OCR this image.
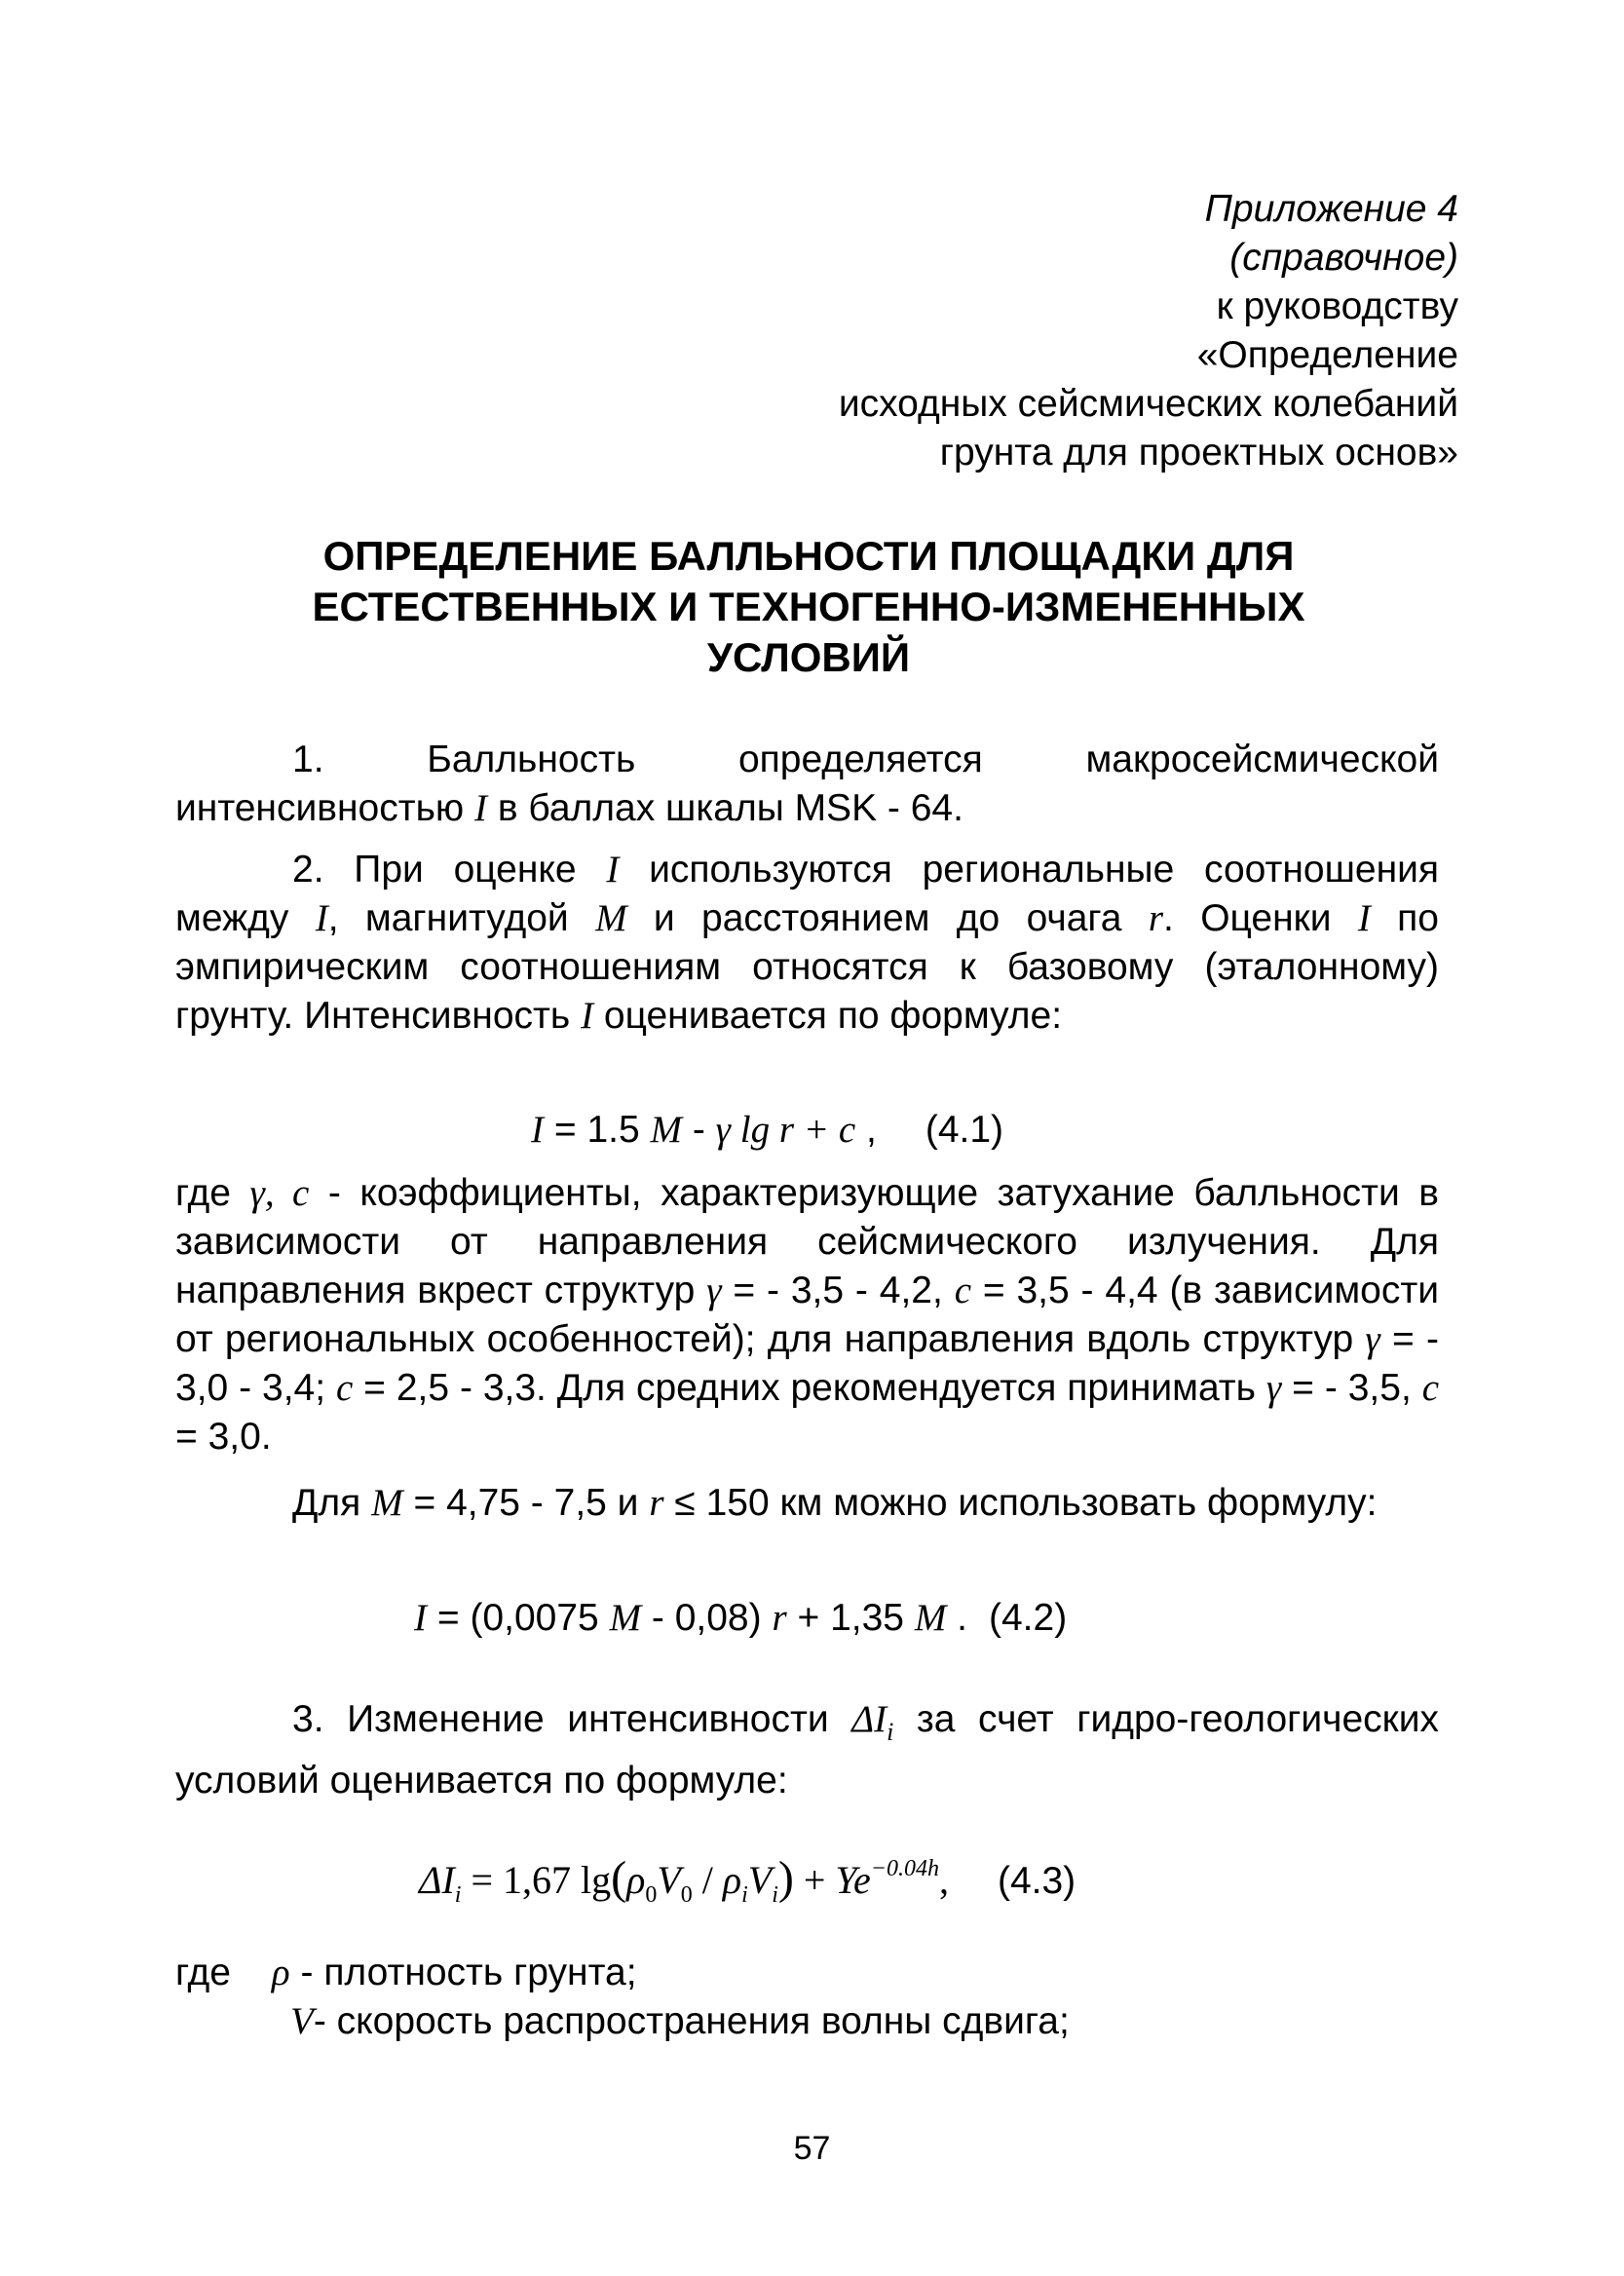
Приложение 4
(справочное)
к руководству
«Определение
исходных сейсмических колебаний
грунта для проектных основ»
ОПРЕДЕЛЕНИЕ БАЛЛЬНОСТИ ПЛОЩАДКИ ДЛЯ
ЕСТЕСТВЕННЫХ И ТЕХНОГЕННО-ИЗМЕНЕННЫХ
УСЛОВИЙ
1. Балльность определяется макросейсмической интенсивностью I в баллах шкалы MSK - 64.
2. При оценке I используются региональные соотношения между I, магнитудой M и расстоянием до очага r. Оценки I по эмпирическим соотношениям относятся к базовому (эталонному) грунту. Интенсивность I оценивается по формуле:
I = 1.5 M - γ lg r + c , (4.1)
где γ, c - коэффициенты, характеризующие затухание балльности в зависимости от направления сейсмического излучения. Для направления вкрест структур γ = - 3,5 - 4,2, c = 3,5 - 4,4 (в зависимости от региональных особенностей); для направления вдоль структур γ = - 3,0 - 3,4; c = 2,5 - 3,3. Для средних рекомендуется принимать γ = - 3,5, c = 3,0.
Для M = 4,75 - 7,5 и r ≤ 150 км можно использовать формулу:
I = (0,0075 M - 0,08) r + 1,35 M . (4.2)
3. Изменение интенсивности $\Delta I_i$ за счет гидро-геологических условий оценивается по формуле:
$\Delta I_i = 1,67$ $\lg(\rho_0V_0 / \rho_iV_i) + Ye^{-0.04h}$, (4.3)
где ρ - плотность грунта;
V- скорость распространения волны сдвига;
57
